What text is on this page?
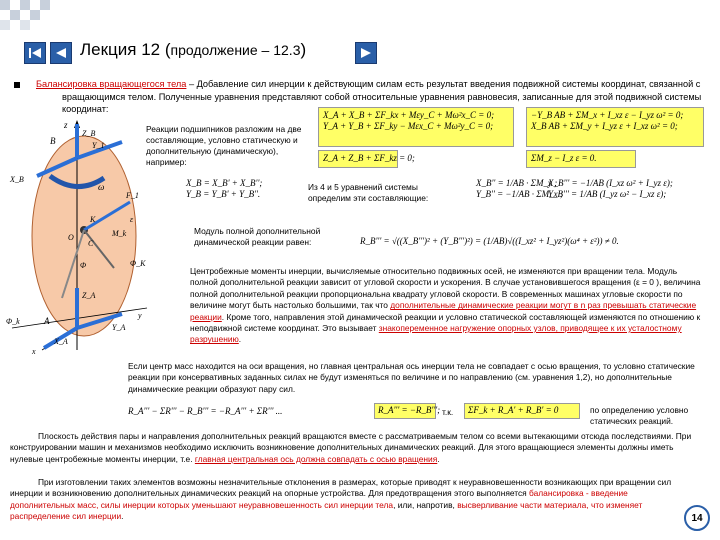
Лекция 12 (продолжение – 12.3)
Балансировка вращающегося тела – Добавление сил инерции к действующим силам есть результат введения подвижной системы координат, связанной с вращающимся телом. Полученные уравнения представляют собой относительные уравнения равновесия, записанные для этой подвижной системы координат:
z
B	Y_1
X_B
Z_B
ω
K
M_k
O
C
Φ
F_1
ε
A
y
x
Y_A
X_A
Z_A
Φ_K
Φ_k
X_A + X_B + ΣF_kx + Mεy_C + Mω²x_C = 0;
Y_A + Y_B + ΣF_ky − Mεx_C + Mω²y_C = 0;
Z_A + Z_B + ΣF_kz = 0;
−Y_B AB + ΣM_x + I_xz ε − I_yz ω² = 0;
X_B AB + ΣM_y + I_yz ε + I_xz ω² = 0;
ΣM_z − I_z ε = 0.
Реакции подшипников разложим на две составляющие, условно статическую и дополнительную (динамическую), например:
X_B = X_B' + X_B'';
Y_B = Y_B' + Y_B''.
Из 4 и 5 уравнений системы определим эти составляющие:
X_B'' = 1/AB · ΣM_y ;
Y_B'' = −1/AB · ΣM_x ;
X_B''' = −1/AB (I_xz ω² + I_yz ε);
Y_B''' = 1/AB (I_yz ω² − I_xz ε);
Модуль полной дополнительной динамической реакции равен:	R_B''' = √((X_B''')² + (Y_B''')²) = (1/AB)√((I_xz² + I_yz²)(ω⁴ + ε²)) ≠ 0.
Центробежные моменты инерции, вычисляемые относительно подвижных осей, не изменяются при вращении тела. Модуль полной дополнительной реакции зависит от угловой скорости и ускорения. В случае установившегося вращения (ε = 0 ), величина полной дополнительной реакции пропорциональна квадрату угловой скорости. В современных машинах угловые скорости по величине могут быть настолько большими, так что дополнительные динамические реакции могут в n раз превышать статические реакции. Кроме того, направления этой динамической реакции и условно статической составляющей изменяются по отношению к неподвижной системе координат. Это вызывает знакопеременное нагружение опорных узлов, приводящее к их усталостному разрушению.
Если центр масс находится на оси вращения, но главная центральная ось инерции тела не совпадает с осью вращения, то условно статические реакции при консервативных заданных силах не будут изменяться по величине и по направлению (см. уравнения 1,2), но дополнительные динамические реакции образуют пару сил.
R_A''' − ΣR''' − R_B''' = −R_A''' + ΣR''' ...	R_A''' = −R_B'''; т.к.	ΣF_k + R_A' + R_B' = 0	по определению условно статических реакций.
Плоскость действия пары и направления дополнительных реакций вращаются вместе с рассматриваемым телом со всеми вытекающими отсюда последствиями. При конструировании машин и механизмов необходимо исключить возникновение дополнительных динамических реакций. Для этого вращающиеся элементы должны иметь нулевые центробежные моменты инерции, т.е. главная центральная ось должна совпадать с осью вращения.
При изготовлении таких элементов возможны незначительные отклонения в размерах, которые приводят к неуравновешенности возникающих при вращении сил инерции и возникновению дополнительных динамических реакций на опорные устройства. Для предотвращения этого выполняется балансировка - введение дополнительных масс, силы инерции которых уменьшают неуравновешенность сил инерции тела, или, напротив, высверливание части материала, что изменяет распределение сил инерции.	14
